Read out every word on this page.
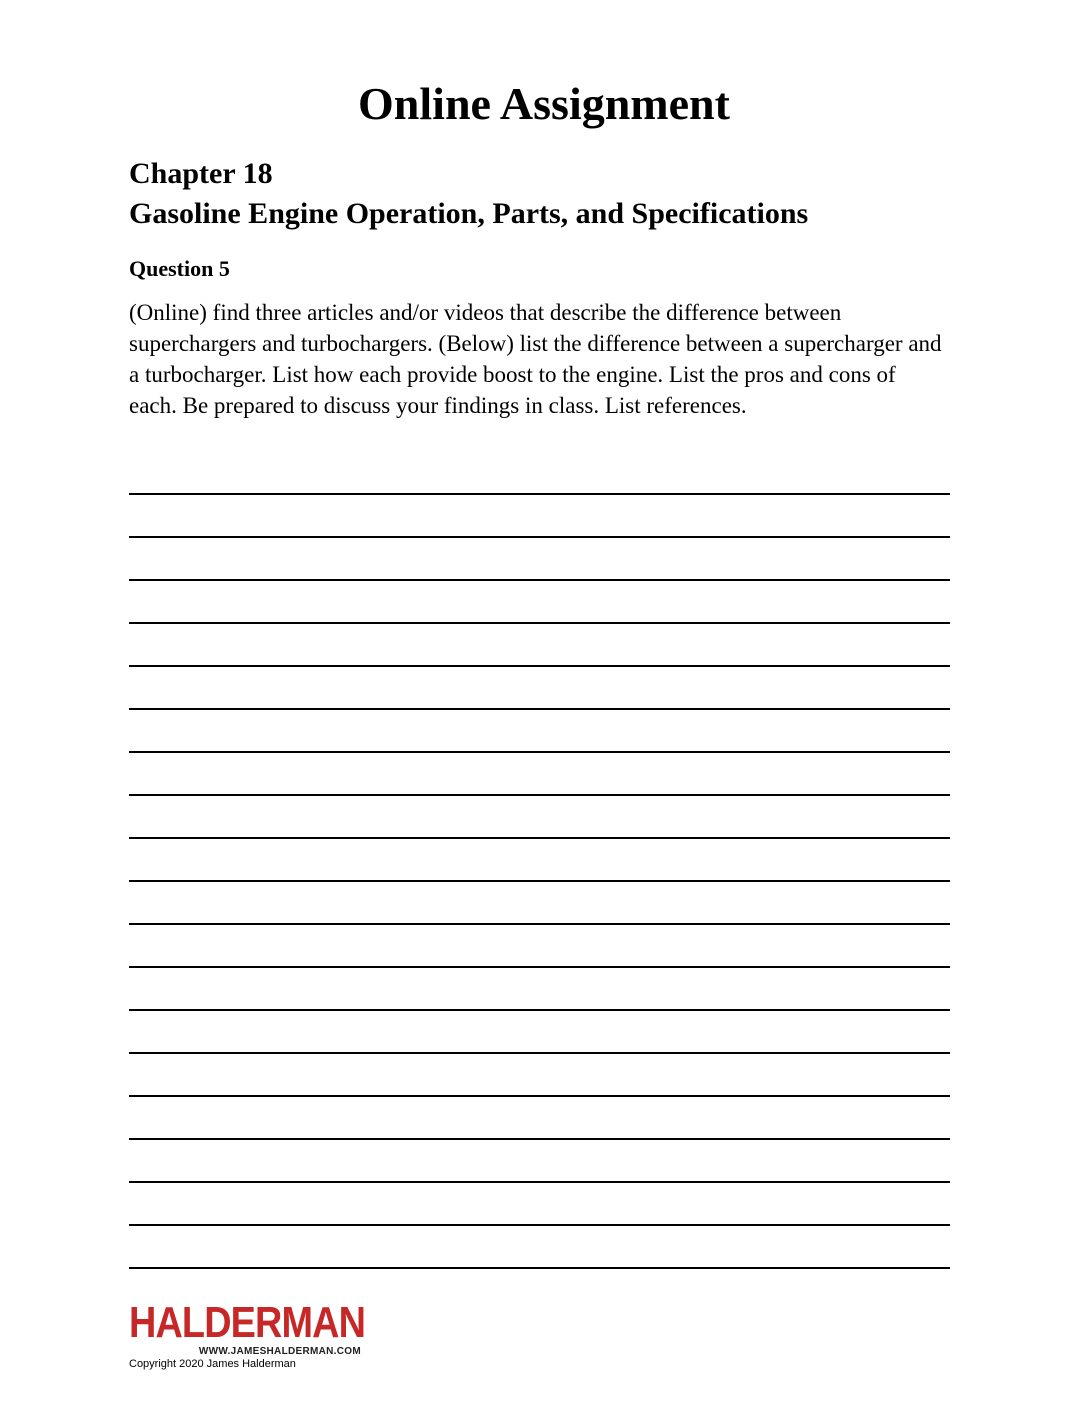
Online Assignment
Chapter 18
Gasoline Engine Operation, Parts, and Specifications
Question 5

(Online) find three articles and/or videos that describe the difference between superchargers and turbochargers. (Below) list the difference between a supercharger and a turbocharger. List how each provide boost to the engine. List the pros and cons of each. Be prepared to discuss your findings in class. List references.

HALDERMAN
WWW.JAMESHALDERMAN.COM
Copyright 2020 James Halderman
